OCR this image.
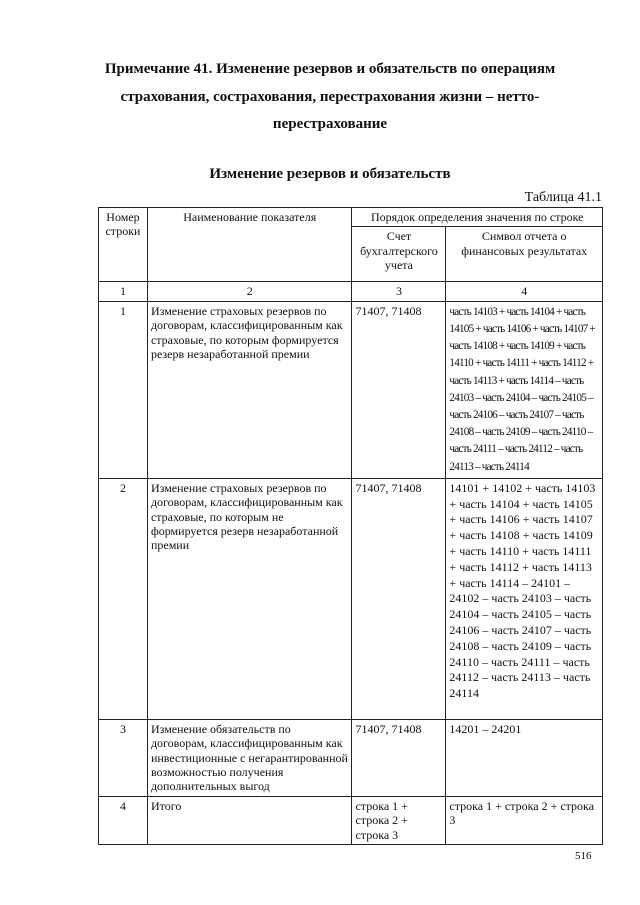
Примечание 41. Изменение резервов и обязательств по операциям
страхования, сострахования, перестрахования жизни – нетто-
перестрахование
Изменение резервов и обязательств
Таблица 41.1
Номер строки	Наименование показателя	Порядок определения значения по строке	
		Счет бухгалтерского учета	Символ отчета о финансовых результатах
1	2	3	4
1	Изменение страховых резервов по договорам, классифицированным как страховые, по которым формируется резерв незаработанной премии	71407, 71408	часть 14103 + часть 14104 + часть 14105 + часть 14106 + часть 14107 + часть 14108 + часть 14109 + часть 14110 + часть 14111 + часть 14112 + часть 14113 + часть 14114 – часть 24103 – часть 24104 – часть 24105 – часть 24106 – часть 24107 – часть 24108 – часть 24109 – часть 24110 – часть 24111 – часть 24112 – часть 24113 – часть 24114
2	Изменение страховых резервов по договорам, классифицированным как страховые, по которым не формируется резерв незаработанной премии	71407, 71408	14101 + 14102 + часть 14103 + часть 14104 + часть 14105 + часть 14106 + часть 14107 + часть 14108 + часть 14109 + часть 14110 + часть 14111 + часть 14112 + часть 14113 + часть 14114 – 24101 – 24102 – часть 24103 – часть 24104 – часть 24105 – часть 24106 – часть 24107 – часть 24108 – часть 24109 – часть 24110 – часть 24111 – часть 24112 – часть 24113 – часть 24114
3	Изменение обязательств по договорам, классифицированным как инвестиционные с негарантированной возможностью получения дополнительных выгод	71407, 71408	14201 – 24201
4	Итого	строка 1 + строка 2 + строка 3	строка 1 + строка 2 + строка 3
516
